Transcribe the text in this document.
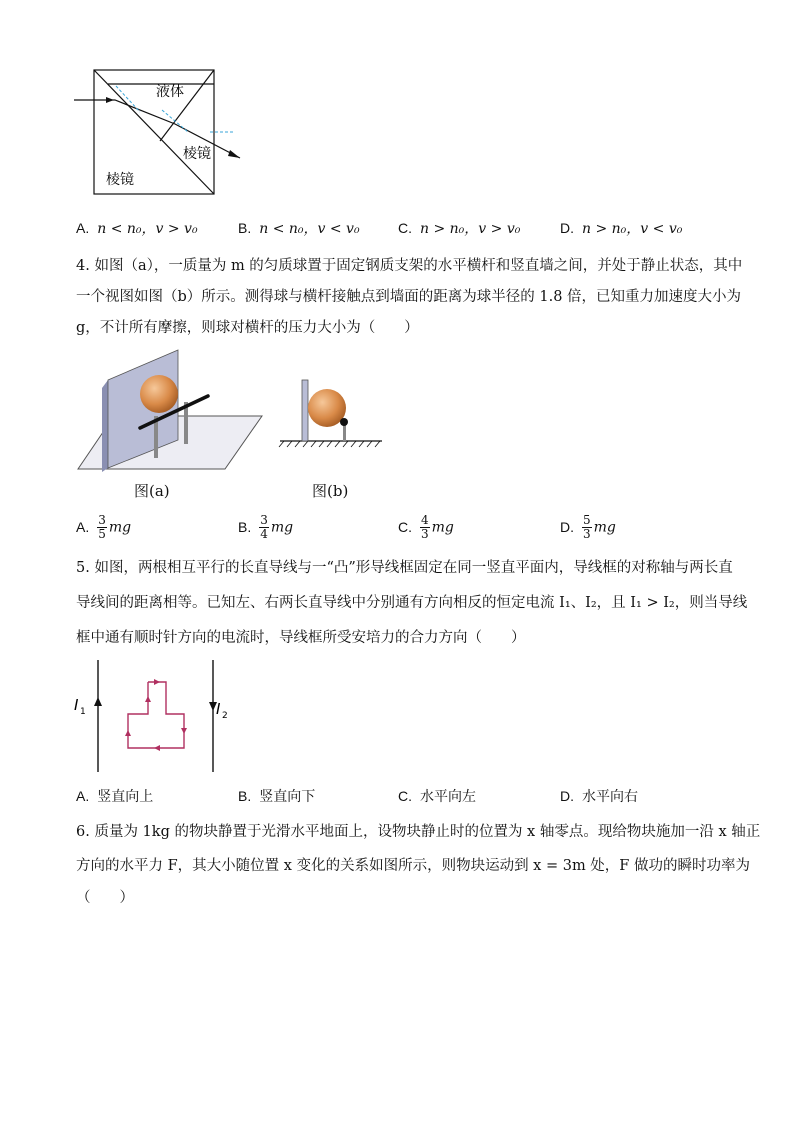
液体
棱镜
棱镜
A. n < n₀，v > v₀	B. n < n₀，v < v₀	C. n > n₀，v > v₀	D. n > n₀，v < v₀
4. 如图（a），一质量为 m 的匀质球置于固定钢质支架的水平横杆和竖直墙之间，并处于静止状态，其中
一个视图如图（b）所示。测得球与横杆接触点到墙面的距离为球半径的 1.8 倍，已知重力加速度大小为
g，不计所有摩擦，则球对横杆的压力大小为（　　）
图(a)	图(b)
A. $\frac{3}{5}$ mg	B. $\frac{3}{4}$ mg	C. $\frac{4}{3}$ mg	D. $\frac{5}{3}$ mg
5. 如图，两根相互平行的长直导线与一“凸”形导线框固定在同一竖直平面内，导线框的对称轴与两长直
导线间的距离相等。已知左、右两长直导线中分别通有方向相反的恒定电流 I₁、I₂，且 I₁ > I₂，则当导线
框中通有顺时针方向的电流时，导线框所受安培力的合力方向（　　）
I 1	I 2
A. 竖直向上	B. 竖直向下	C. 水平向左	D. 水平向右
6. 质量为 1kg 的物块静置于光滑水平地面上，设物块静止时的位置为 x 轴零点。现给物块施加一沿 x 轴正
方向的水平力 F，其大小随位置 x 变化的关系如图所示，则物块运动到 x = 3m 处，F 做功的瞬时功率为
（　　）
